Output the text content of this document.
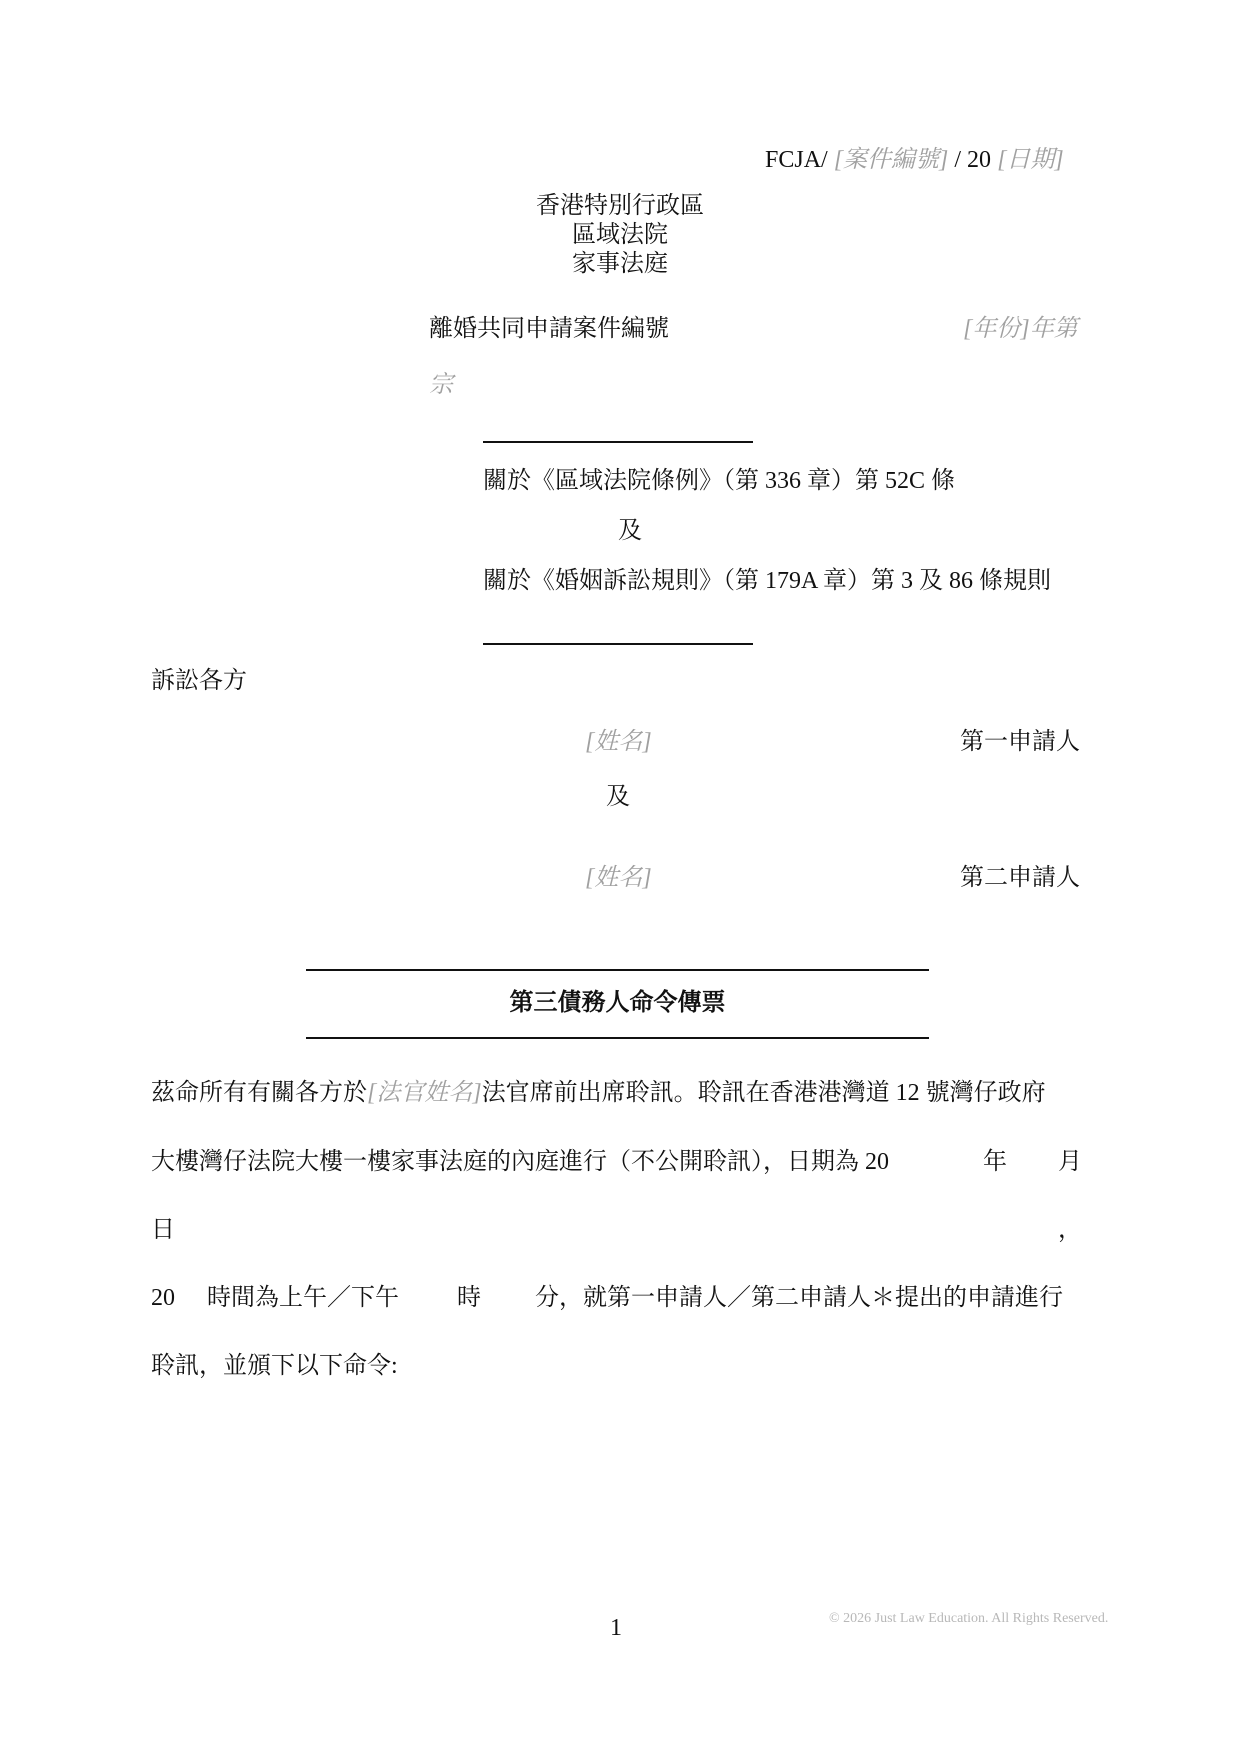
FCJA/ [案件編號] / 20 [日期]
香港特別行政區
區域法院
家事法庭
離婚共同申請案件編號	[年份]年第
宗
關於《區域法院條例》（第 336 章）第 52C 條
及
關於《婚姻訴訟規則》（第 179A 章）第 3 及 86 條規則
訴訟各方
[姓名]	第一申請人
及
[姓名]	第二申請人
第三債務人命令傳票
茲命所有有關各方於[法官姓名]法官席前出席聆訊。聆訊在香港港灣道 12 號灣仔政府
大樓灣仔法院大樓一樓家事法庭的內庭進行（不公開聆訊），日期為 20	年 月
日	，
20 時間為上午／下午 時 分，就第一申請人／第二申請人＊提出的申請進行
聆訊，並頒下以下命令:
1	© 2026 Just Law Education. All Rights Reserved.
